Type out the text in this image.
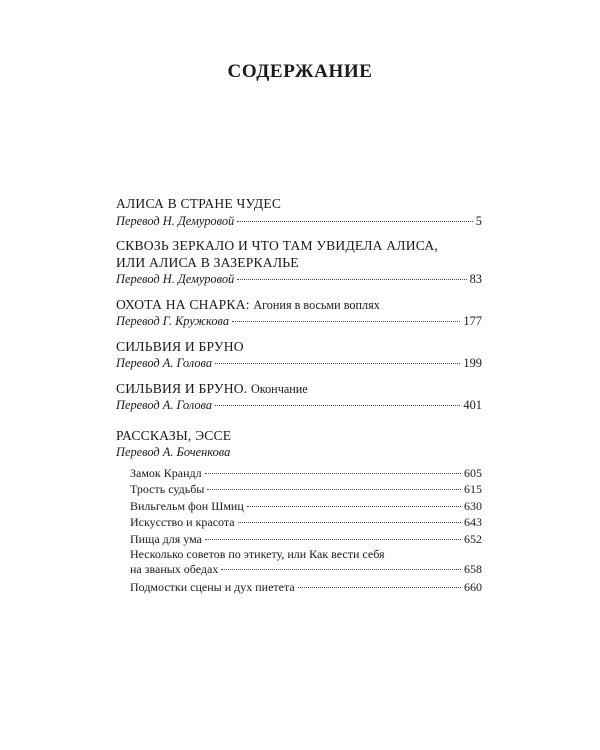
СОДЕРЖАНИЕ
АЛИСА В СТРАНЕ ЧУДЕС
Перевод Н. Демуровой	5
СКВОЗЬ ЗЕРКАЛО И ЧТО ТАМ УВИДЕЛА АЛИСА,
ИЛИ АЛИСА В ЗАЗЕРКАЛЬЕ
Перевод Н. Демуровой	83
ОХОТА НА СНАРКА: Агония в восьми воплях
Перевод Г. Кружкова	177
СИЛЬВИЯ И БРУНО
Перевод А. Голова	199
СИЛЬВИЯ И БРУНО. Окончание
Перевод А. Голова	401
РАССКАЗЫ, ЭССЕ
Перевод А. Боченкова
Замок Крандл	605
Трость судьбы	615
Вильгельм фон Шмиц	630
Искусство и красота	643
Пища для ума	652
Несколько советов по этикету, или Как вести себя
на званых обедах	658
Подмостки сцены и дух пиетета	660
